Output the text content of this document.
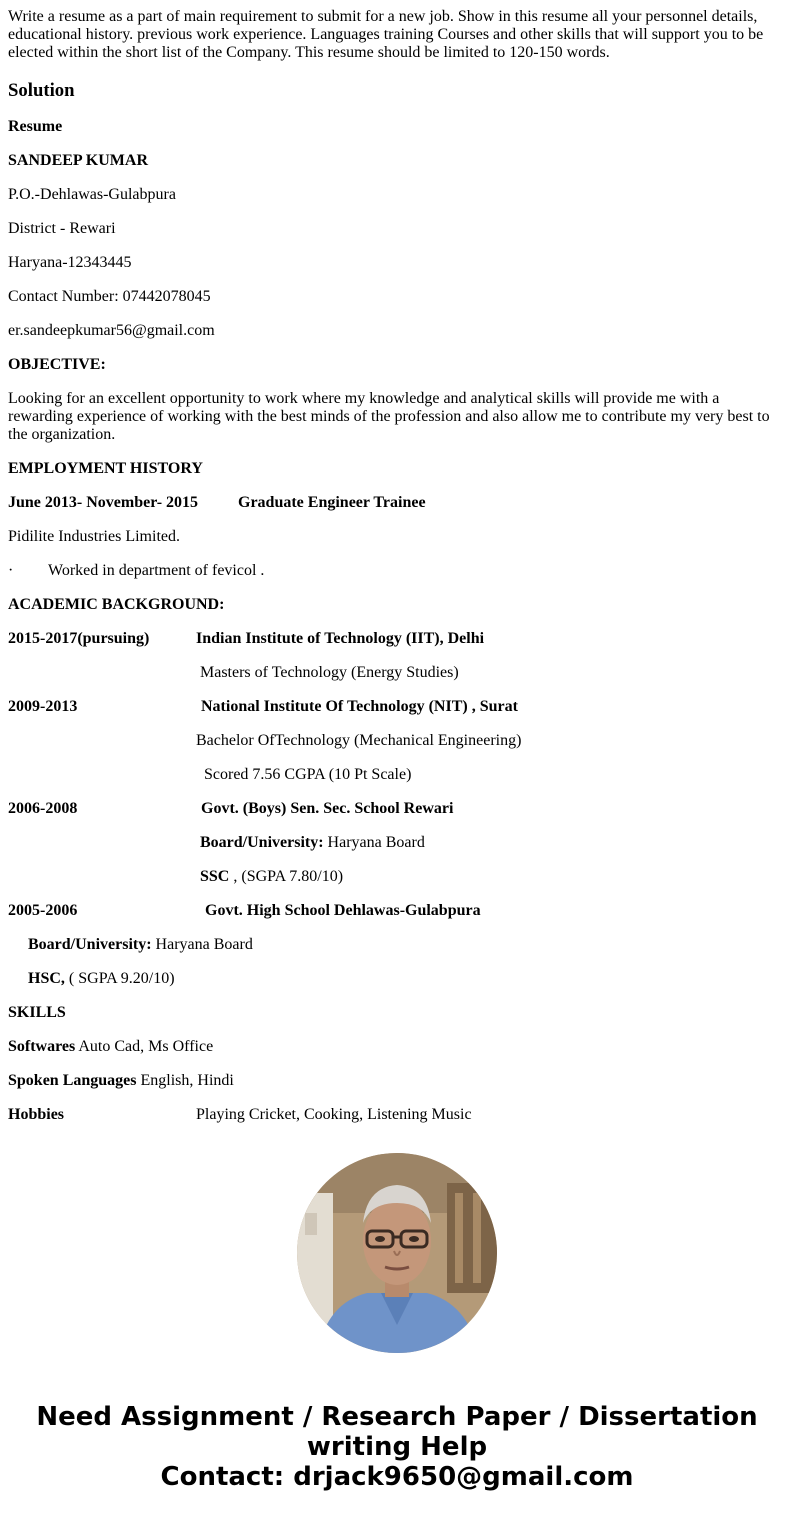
Write a resume as a part of main requirement to submit for a new job. Show in this resume all your personnel details, educational history. previous work experience. Languages training Courses and other skills that will support you to be elected within the short list of the Company. This resume should be limited to 120-150 words.

Solution

Resume

SANDEEP KUMAR

P.O.-Dehlawas-Gulabpura

District - Rewari

Haryana-12343445

Contact Number: 07442078045

er.sandeepkumar56@gmail.com

OBJECTIVE:

Looking for an excellent opportunity to work where my knowledge and analytical skills will provide me with a rewarding experience of working with the best minds of the profession and also allow me to contribute my very best to the organization.

EMPLOYMENT HISTORY

June 2013- November- 2015	Graduate Engineer Trainee

Pidilite Industries Limited.

· Worked in department of fevicol .

ACADEMIC BACKGROUND:

2015-2017(pursuing)	Indian Institute of Technology (IIT), Delhi

Masters of Technology (Energy Studies)

2009-2013	National Institute Of Technology (NIT) , Surat

Bachelor OfTechnology (Mechanical Engineering)

Scored 7.56 CGPA (10 Pt Scale)

2006-2008	Govt. (Boys) Sen. Sec. School Rewari

Board/University: Haryana Board

SSC , (SGPA 7.80/10)

2005-2006	Govt. High School Dehlawas-Gulabpura

Board/University: Haryana Board

HSC, ( SGPA 9.20/10)

SKILLS

Softwares Auto Cad, Ms Office

Spoken Languages English, Hindi

Hobbies	Playing Cricket, Cooking, Listening Music

Need Assignment / Research Paper / Dissertation
writing Help
Contact: drjack9650@gmail.com
